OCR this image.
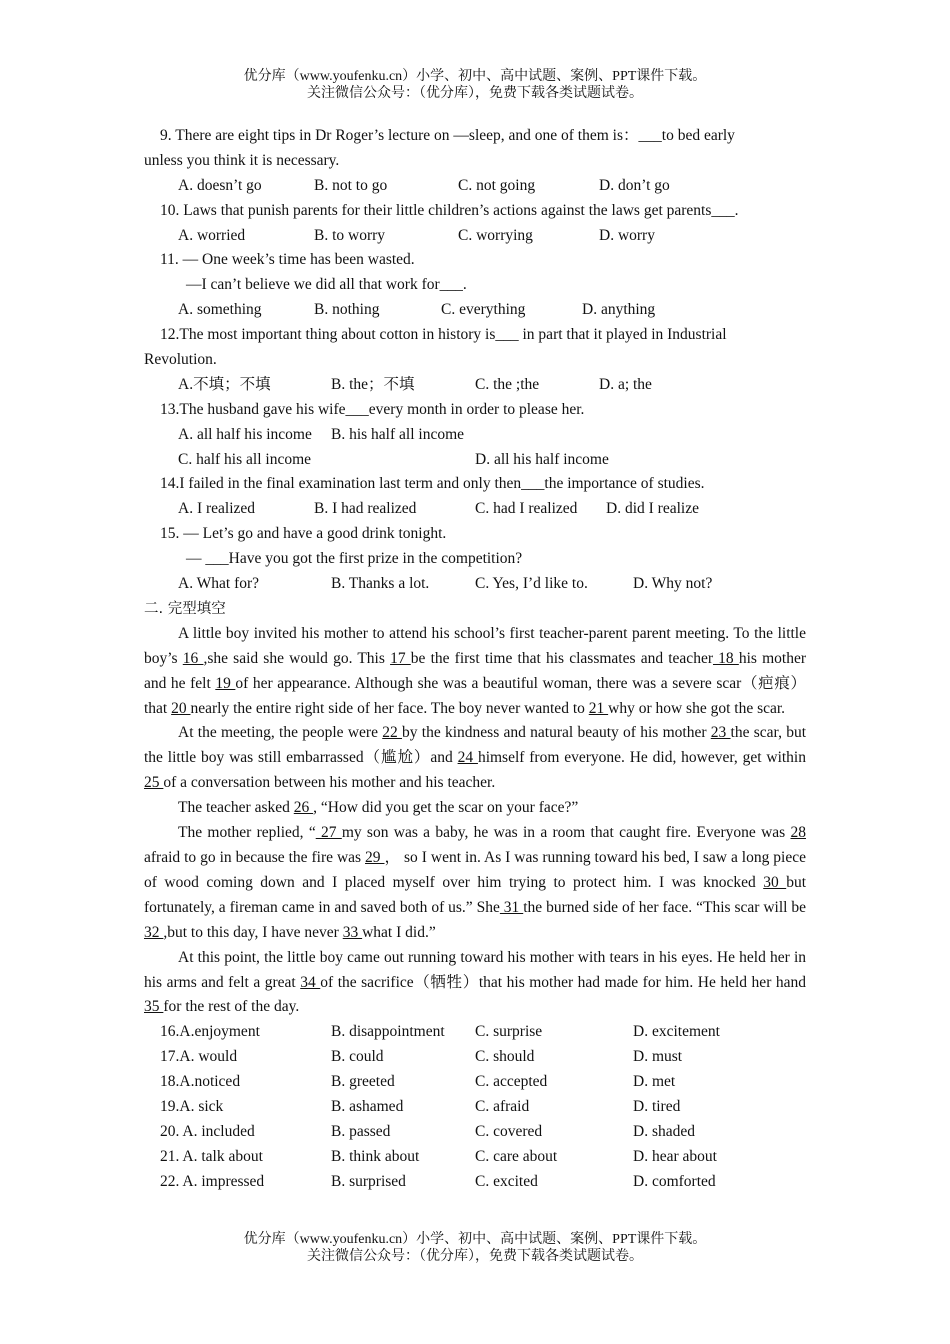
优分库（www.youfenku.cn）小学、初中、高中试题、案例、PPT课件下载。
关注微信公众号：（优分库），免费下载各类试题试卷。
9. There are eight tips in Dr Roger’s lecture on —sleep, and one of them is：___to bed early
unless you think it is necessary.
A. doesn’t go	B. not to go	C. not going	D. don’t go
10. Laws that punish parents for their little children’s actions against the laws get parents___.
A. worried	B. to worry	C. worrying	D. worry
11. — One week’s time has been wasted.
—I can’t believe we did all that work for___.
A. something	B. nothing	C. everything	D. anything
12.The most important thing about cotton in history is___ in part that it played in Industrial
Revolution.
A.不填；不填	B. the；不填	C. the ;the	D. a; the
13.The husband gave his wife___every month in order to please her.
A. all half his income B. his half all income
C. half his all income	D. all his half income
14.I failed in the final examination last term and only then___the importance of studies.
A. I realized	B. I had realized	C. had I realized D. did I realize
15. — Let’s go and have a good drink tonight.
— ___Have you got the first prize in the competition?
A. What for?	B. Thanks a lot.	C. Yes, I’d like to.	D. Why not?
二. 完型填空

A little boy invited his mother to attend his school’s first teacher-parent parent meeting. To the little boy’s 16 ,she said she would go. This 17 be the first time that his classmates and teacher 18 his mother and he felt 19 of her appearance. Although she was a beautiful woman, there was a severe scar（疤痕）that 20 nearly the entire right side of her face. The boy never wanted to 21 why or how she got the scar.

At the meeting, the people were 22 by the kindness and natural beauty of his mother 23 the scar, but the little boy was still embarrassed（尴尬）and 24 himself from everyone. He did, however, get within 25 of a conversation between his mother and his teacher.

The teacher asked 26 , “How did you get the scar on your face?”

The mother replied, “ 27 my son was a baby, he was in a room that caught fire. Everyone was 28 afraid to go in because the fire was 29 ， so I went in. As I was running toward his bed, I saw a long piece of wood coming down and I placed myself over him trying to protect him. I was knocked 30 but fortunately, a fireman came in and saved both of us.” She 31 the burned side of her face. “This scar will be 32 ,but to this day, I have never 33 what I did.”

At this point, the little boy came out running toward his mother with tears in his eyes. He held her in his arms and felt a great 34 of the sacrifice（牺牲）that his mother had made for him. He held her hand 35 for the rest of the day.

16.A.enjoyment	B. disappointment C. surprise	D. excitement
17.A. would	B. could	C. should	D. must
18.A.noticed	B. greeted	C. accepted	D. met
19.A. sick	B. ashamed	C. afraid	D. tired
20. A. included	B. passed	C. covered	D. shaded
21. A. talk about	B. think about	C. care about	D. hear about
22. A. impressed	B. surprised	C. excited	D. comforted
优分库（www.youfenku.cn）小学、初中、高中试题、案例、PPT课件下载。
关注微信公众号：（优分库），免费下载各类试题试卷。
